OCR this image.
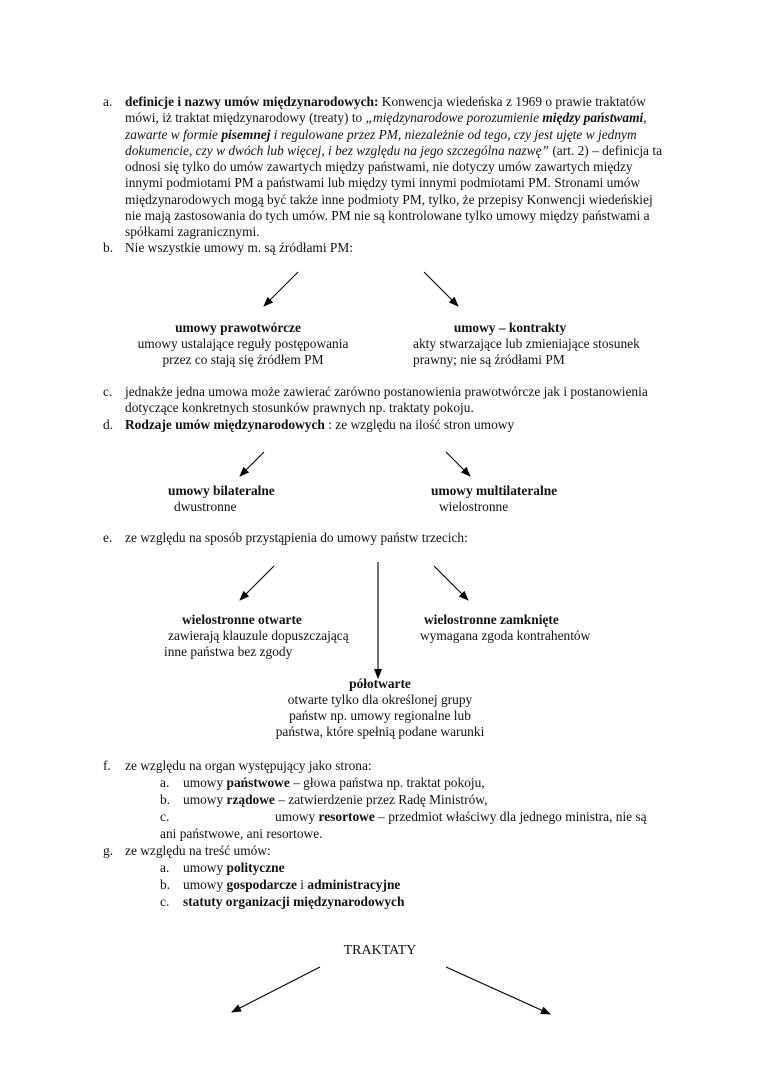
a. definicje i nazwy umów międzynarodowych: Konwencja wiedeńska z 1969 o prawie traktatów mówi, iż traktat międzynarodowy (treaty) to „międzynarodowe porozumienie między państwami, zawarte w formie pisemnej i regulowane przez PM, niezależnie od tego, czy jest ujęte w jednym dokumencie, czy w dwóch lub więcej, i bez względu na jego szczególna nazwę” (art. 2) – definicja ta odnosi się tylko do umów zawartych między państwami, nie dotyczy umów zawartych między innymi podmiotami PM a państwami lub między tymi innymi podmiotami PM. Stronami umów międzynarodowych mogą być także inne podmioty PM, tylko, że przepisy Konwencji wiedeńskiej nie mają zastosowania do tych umów. PM nie są kontrolowane tylko umowy między państwami a spółkami zagranicznymi.
b. Nie wszystkie umowy m. są źródłami PM:
umowy prawotwórcze
umowy ustalające reguły postępowania
przez co stają się źródłem PM
umowy – kontrakty
akty stwarzające lub zmieniające stosunek
prawny; nie są źródłami PM
c. jednakże jedna umowa może zawierać zarówno postanowienia prawotwórcze jak i postanowienia dotyczące konkretnych stosunków prawnych np. traktaty pokoju.
d. Rodzaje umów międzynarodowych : ze względu na ilość stron umowy
umowy bilateralne
dwustronne
umowy multilateralne
wielostronne
e. ze względu na sposób przystąpienia do umowy państw trzecich:
wielostronne otwarte
zawierają klauzule dopuszczającą
inne państwa bez zgody
wielostronne zamknięte
wymagana zgoda kontrahentów
półotwarte
otwarte tylko dla określonej grupy
państw np. umowy regionalne lub
państwa, które spełnią podane warunki
f. ze względu na organ występujący jako strona:
a. umowy państwowe – głowa państwa np. traktat pokoju,
b. umowy rządowe – zatwierdzenie przez Radę Ministrów,
c.	umowy resortowe – przedmiot właściwy dla jednego ministra, nie są
ani państwowe, ani resortowe.
g. ze względu na treść umów:
a. umowy polityczne
b. umowy gospodarcze i administracyjne
c. statuty organizacji międzynarodowych
TRAKTATY
